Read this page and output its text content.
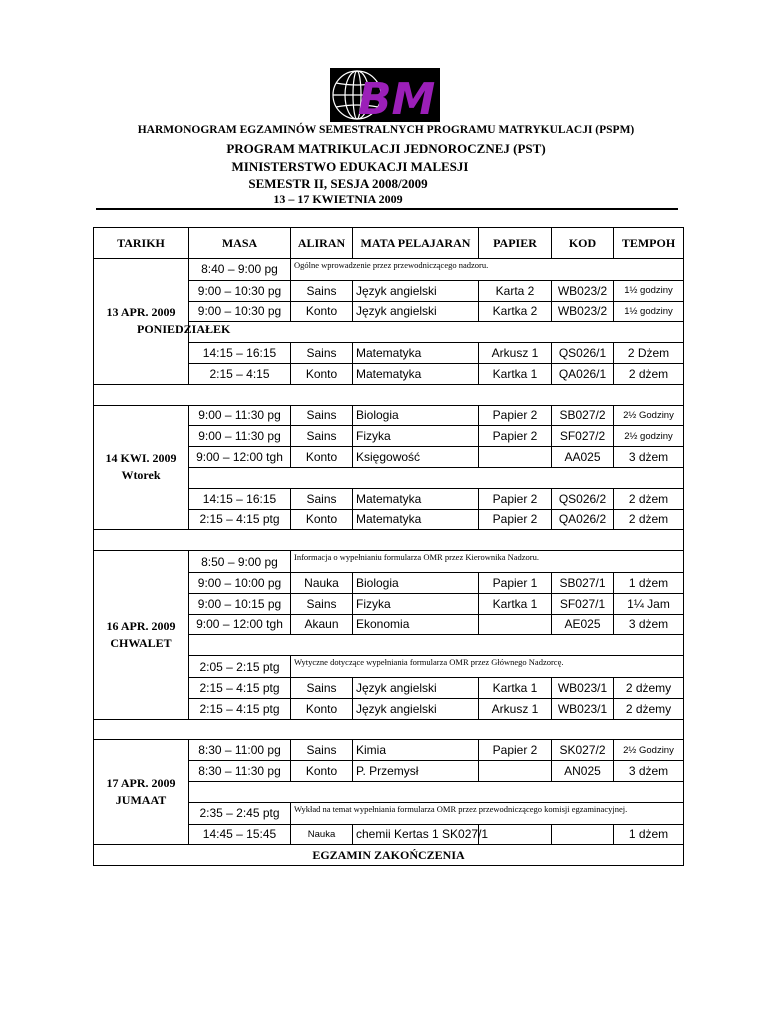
BM
HARMONOGRAM EGZAMINÓW SEMESTRALNYCH PROGRAMU MATRYKULACJI (PSPM)
PROGRAM MATRIKULACJI JEDNOROCZNEJ (PST)
MINISTERSTWO EDUKACJI MALESJI
SEMESTR II, SESJA 2008/2009
13 – 17 KWIETNIA 2009
TARIKH	MASA	ALIRAN	MATA PELAJARAN	PAPIER	KOD	TEMPOH

13 APR. 2009
PONIEDZIAŁEK	8:40 – 9:00 pg	Ogólne wprowadzenie przez przewodniczącego nadzoru.				
	9:00 – 10:30 pg	Sains	Język angielski	Karta 2	WB023/2	1½ godziny
	9:00 – 10:30 pg	Konto	Język angielski	Kartka 2	WB023/2	1½ godziny

	14:15 – 16:15	Sains	Matematyka	Arkusz 1	QS026/1	2 Dżem
	2:15 – 4:15	Konto	Matematyka	Kartka 1	QA026/1	2 dżem

14 KWI. 2009
Wtorek	9:00 – 11:30 pg	Sains	Biologia	Papier 2	SB027/2	2½ Godziny
	9:00 – 11:30 pg	Sains	Fizyka	Papier 2	SF027/2	2½ godziny
	9:00 – 12:00 tgh	Konto	Księgowość		AA025	3 dżem

	14:15 – 16:15	Sains	Matematyka	Papier 2	QS026/2	2 dżem
	2:15 – 4:15 ptg	Konto	Matematyka	Papier 2	QA026/2	2 dżem

16 APR. 2009
CHWALET	8:50 – 9:00 pg	Informacja o wypełnianiu formularza OMR przez Kierownika Nadzoru.				
	9:00 – 10:00 pg	Nauka	Biologia	Papier 1	SB027/1	1 dżem
	9:00 – 10:15 pg	Sains	Fizyka	Kartka 1	SF027/1	1¼ Jam
	9:00 – 12:00 tgh	Akaun	Ekonomia		AE025	3 dżem

	2:05 – 2:15 ptg	Wytyczne dotyczące wypełniania formularza OMR przez Głównego Nadzorcę.				
	2:15 – 4:15 ptg	Sains	Język angielski	Kartka 1	WB023/1	2 dżemy
	2:15 – 4:15 ptg	Konto	Język angielski	Arkusz 1	WB023/1	2 dżemy

17 APR. 2009
JUMAAT	8:30 – 11:00 pg	Sains	Kimia	Papier 2	SK027/2	2½ Godziny
	8:30 – 11:30 pg	Konto	P. Przemysł		AN025	3 dżem

	2:35 – 2:45 ptg	Wykład na temat wypełniania formularza OMR przez przewodniczącego komisji egzaminacyjnej.				
	14:45 – 15:45	Nauka	chemii Kertas 1 SK027/1			1 dżem
EGZAMIN ZAKOŃCZENIA						
